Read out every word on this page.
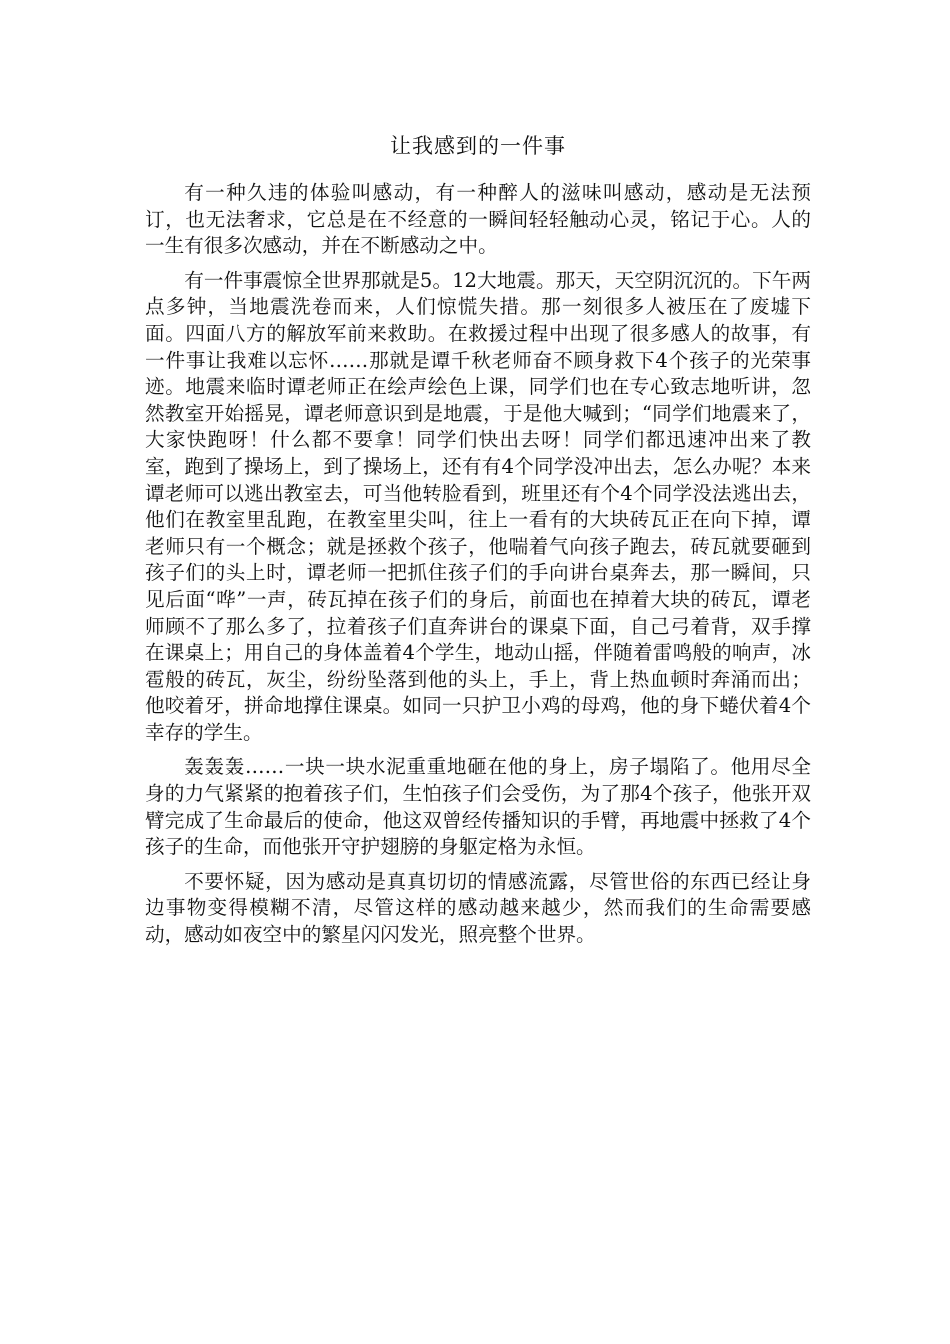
让我感到的一件事

有一种久违的体验叫感动，有一种醉人的滋味叫感动，感动是无法预订，也无法奢求，它总是在不经意的一瞬间轻轻触动心灵，铭记于心。人的一生有很多次感动，并在不断感动之中。

有一件事震惊全世界那就是5。12大地震。那天，天空阴沉沉的。下午两点多钟，当地震洗卷而来，人们惊慌失措。那一刻很多人被压在了废墟下面。四面八方的解放军前来救助。在救援过程中出现了很多感人的故事，有一件事让我难以忘怀……那就是谭千秋老师奋不顾身救下4个孩子的光荣事迹。地震来临时谭老师正在绘声绘色上课，同学们也在专心致志地听讲，忽然教室开始摇晃，谭老师意识到是地震，于是他大喊到；“同学们地震来了，大家快跑呀！什么都不要拿！同学们快出去呀！同学们都迅速冲出来了教室，跑到了操场上，到了操场上，还有有4个同学没冲出去，怎么办呢？本来谭老师可以逃出教室去，可当他转脸看到，班里还有个4个同学没法逃出去，他们在教室里乱跑，在教室里尖叫，往上一看有的大块砖瓦正在向下掉，谭老师只有一个概念；就是拯救个孩子，他喘着气向孩子跑去，砖瓦就要砸到孩子们的头上时，谭老师一把抓住孩子们的手向讲台桌奔去，那一瞬间，只见后面“哗”一声，砖瓦掉在孩子们的身后，前面也在掉着大块的砖瓦，谭老师顾不了那么多了，拉着孩子们直奔讲台的课桌下面，自己弓着背，双手撑在课桌上；用自己的身体盖着4个学生，地动山摇，伴随着雷鸣般的响声，冰雹般的砖瓦，灰尘，纷纷坠落到他的头上，手上，背上热血顿时奔涌而出；他咬着牙，拼命地撑住课桌。如同一只护卫小鸡的母鸡，他的身下蜷伏着4个幸存的学生。

轰轰轰……一块一块水泥重重地砸在他的身上，房子塌陷了。他用尽全身的力气紧紧的抱着孩子们，生怕孩子们会受伤，为了那4个孩子，他张开双臂完成了生命最后的使命，他这双曾经传播知识的手臂，再地震中拯救了4个孩子的生命，而他张开守护翅膀的身躯定格为永恒。

不要怀疑，因为感动是真真切切的情感流露，尽管世俗的东西已经让身边事物变得模糊不清，尽管这样的感动越来越少，然而我们的生命需要感动，感动如夜空中的繁星闪闪发光，照亮整个世界。
